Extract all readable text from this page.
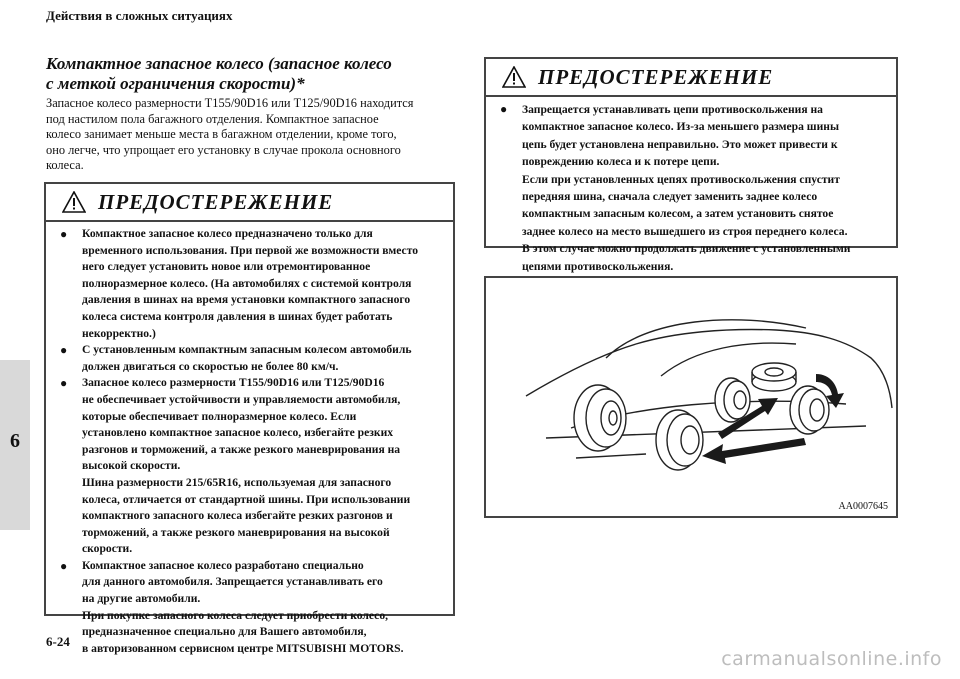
Действия в сложных ситуациях
6
Компактное запасное колесо (запасное колесо
с меткой ограничения скорости)*
Запасное колесо размерности T155/90D16 или T125/90D16 находится
под настилом пола багажного отделения. Компактное запасное
колесо занимает меньше места в багажном отделении, кроме того,
оно легче, что упрощает его установку в случае прокола основного
колеса.
ПРЕДОСТЕРЕЖЕНИЕ
● Компактное запасное колесо предназначено только для
временного использования. При первой же возможности вместо
него следует установить новое или отремонтированное
полноразмерное колесо. (На автомобилях с системой контроля
давления в шинах на время установки компактного запасного
колеса система контроля давления в шинах будет работать
некорректно.)
● С установленным компактным запасным колесом автомобиль
должен двигаться со скоростью не более 80 км/ч.
● Запасное колесо размерности T155/90D16 или T125/90D16
не обеспечивает устойчивости и управляемости автомобиля,
которые обеспечивает полноразмерное колесо. Если
установлено компактное запасное колесо, избегайте резких
разгонов и торможений, а также резкого маневрирования на
высокой скорости.
Шина размерности 215/65R16, используемая для запасного
колеса, отличается от стандартной шины. При использовании
компактного запасного колеса избегайте резких разгонов и
торможений, а также резкого маневрирования на высокой
скорости.
● Компактное запасное колесо разработано специально
для данного автомобиля. Запрещается устанавливать его
на другие автомобили.
При покупке запасного колеса следует приобрести колесо,
предназначенное специально для Вашего автомобиля,
в авторизованном сервисном центре MITSUBISHI MOTORS.
ПРЕДОСТЕРЕЖЕНИЕ
● Запрещается устанавливать цепи противоскольжения на
компактное запасное колесо. Из-за меньшего размера шины
цепь будет установлена неправильно. Это может привести к
повреждению колеса и к потере цепи.
Если при установленных цепях противоскольжения спустит
передняя шина, сначала следует заменить заднее колесо
компактным запасным колесом, а затем установить снятое
заднее колесо на место вышедшего из строя переднего колеса.
В этом случае можно продолжать движение с установленными
цепями противоскольжения.
AA0007645
6-24
carmanualsonline.info
